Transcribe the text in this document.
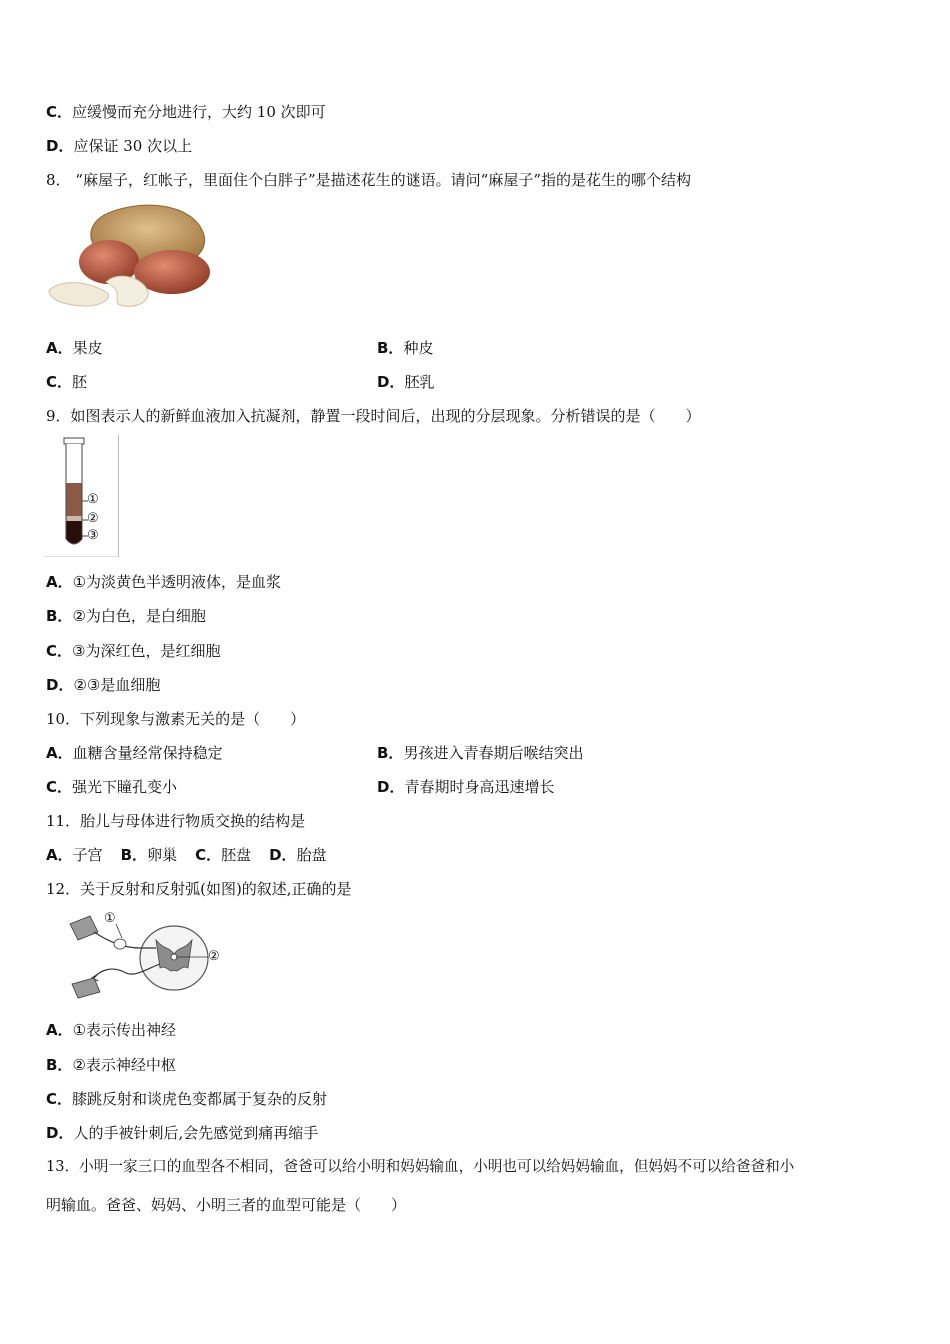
C．应缓慢而充分地进行，大约 10 次即可
D．应保证 30 次以上
8． “麻屋子，红帐子，里面住个白胖子”是描述花生的谜语。请问“麻屋子”指的是花生的哪个结构
A．果皮	B．种皮
C．胚	D．胚乳
9．如图表示人的新鲜血液加入抗凝剂，静置一段时间后，出现的分层现象。分析错误的是（　　）
①
②
③
A．①为淡黄色半透明液体，是血浆
B．②为白色，是白细胞
C．③为深红色，是红细胞
D．②③是血细胞
10．下列现象与激素无关的是（　　）
A．血糖含量经常保持稳定	B．男孩进入青春期后喉结突出
C．强光下瞳孔变小	D．青春期时身高迅速增长
11．胎儿与母体进行物质交换的结构是
A．子宫 B．卵巢 C．胚盘 D．胎盘
12．关于反射和反射弧(如图)的叙述,正确的是
①
②
A．①表示传出神经
B．②表示神经中枢
C．膝跳反射和谈虎色变都属于复杂的反射
D．人的手被针刺后,会先感觉到痛再缩手
13．小明一家三口的血型各不相同，爸爸可以给小明和妈妈输血，小明也可以给妈妈输血，但妈妈不可以给爸爸和小
明输血。爸爸、妈妈、小明三者的血型可能是（　　）
